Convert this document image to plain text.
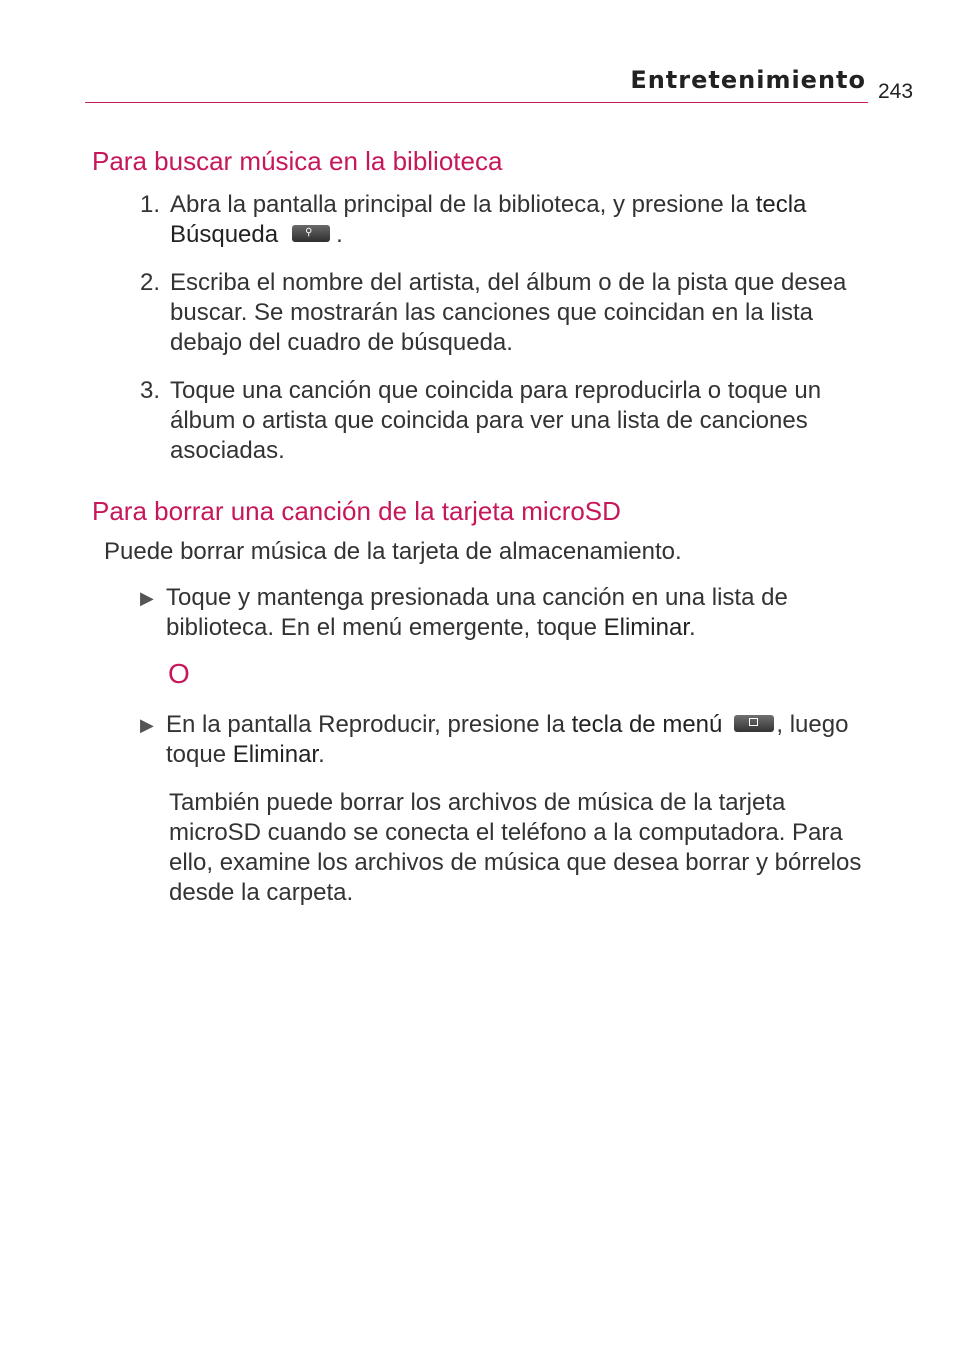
Entretenimiento 243
Para buscar música en la biblioteca
1. Abra la pantalla principal de la biblioteca, y presione la tecla Búsqueda	⚲ .
2. Escriba el nombre del artista, del álbum o de la pista que desea buscar. Se mostrarán las canciones que coincidan en la lista debajo del cuadro de búsqueda.
3. Toque una canción que coincida para reproducirla o toque un álbum o artista que coincida para ver una lista de canciones asociadas.
Para borrar una canción de la tarjeta microSD
Puede borrar música de la tarjeta de almacenamiento.
▶ Toque y mantenga presionada una canción en una lista de biblioteca. En el menú emergente, toque Eliminar.
O
▶ En la pantalla Reproducir, presione la tecla de menú , luego toque Eliminar.
También puede borrar los archivos de música de la tarjeta microSD cuando se conecta el teléfono a la computadora. Para ello, examine los archivos de música que desea borrar y bórrelos desde la carpeta.
